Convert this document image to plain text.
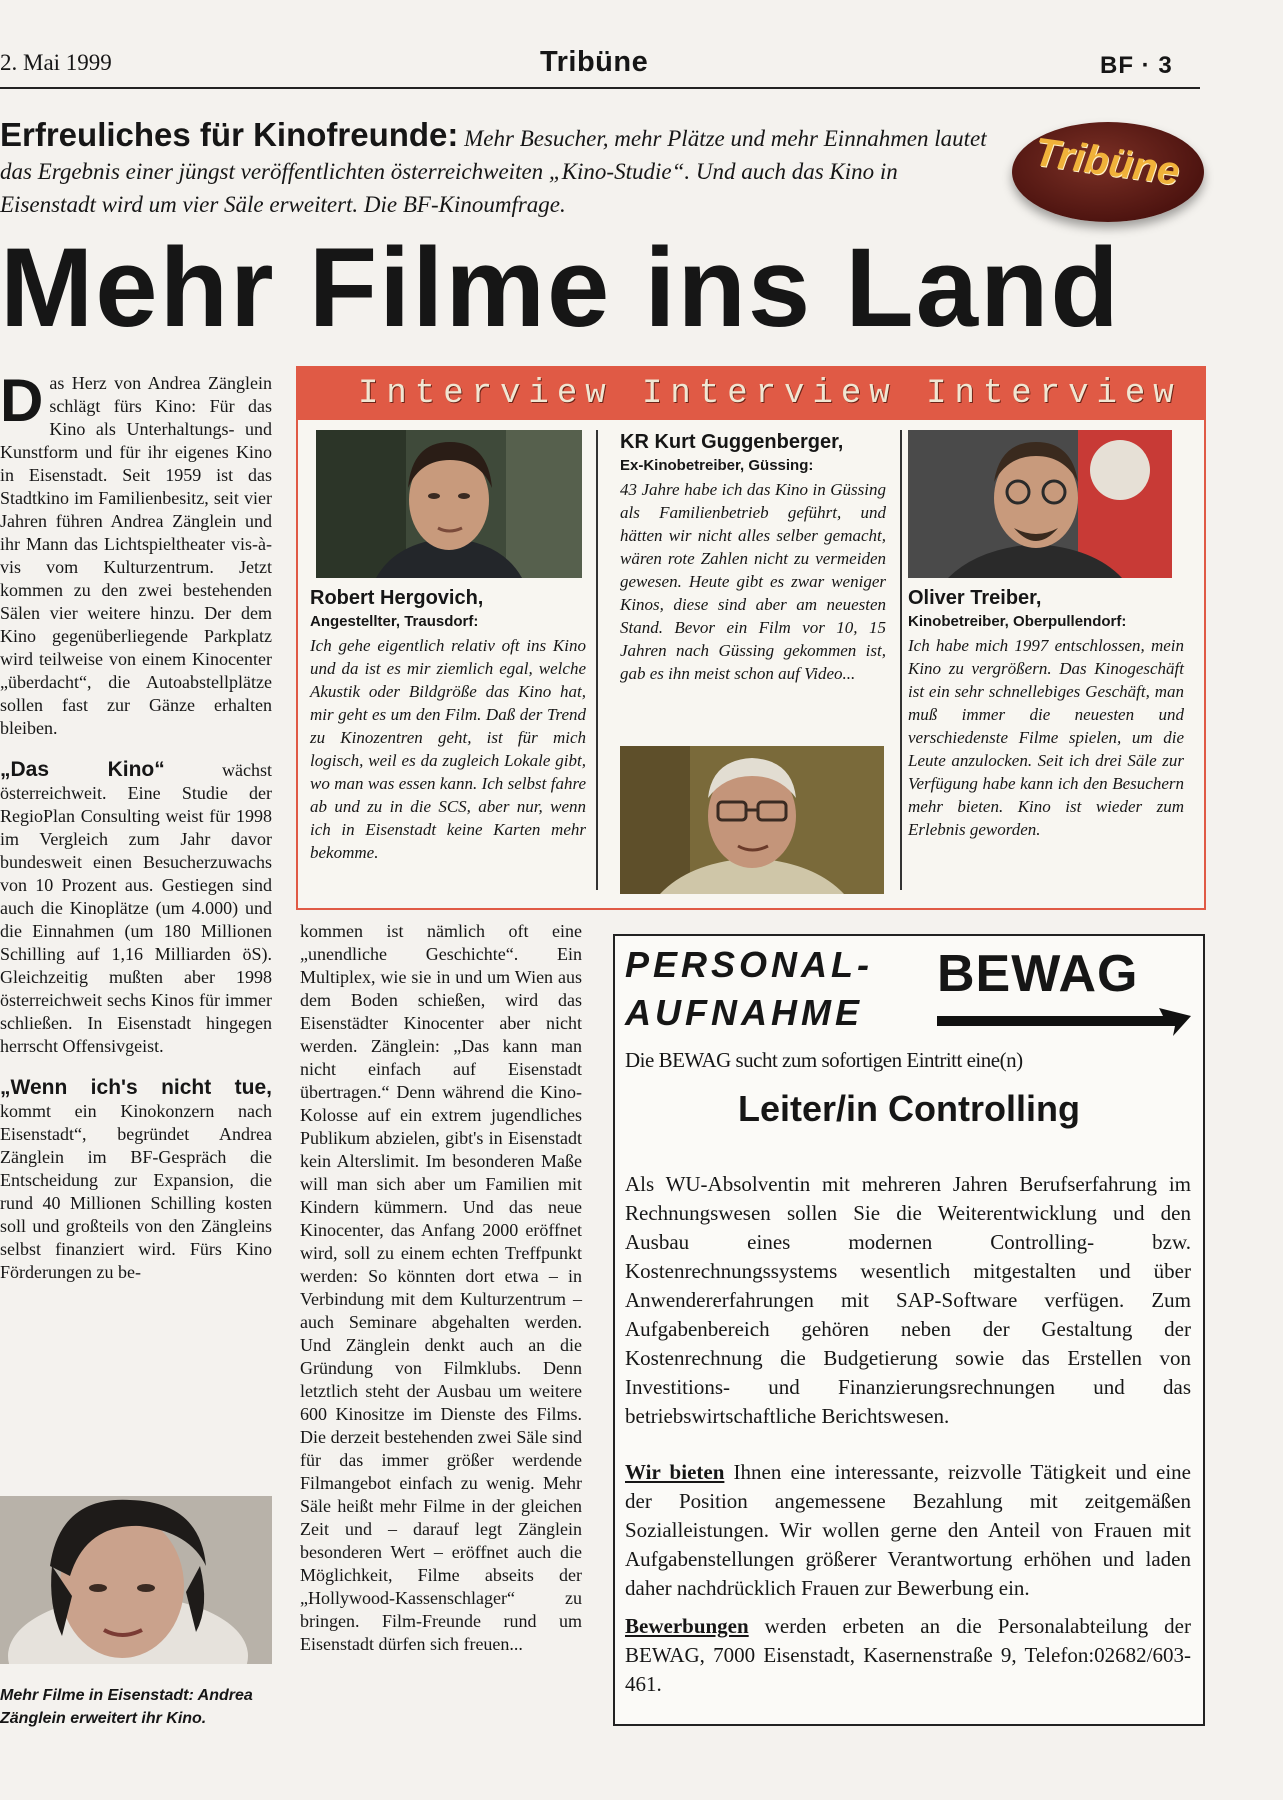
2. Mai 1999	Tribüne	BF · 3
Erfreuliches für Kinofreunde: Mehr Besucher, mehr Plätze und mehr Einnahmen lautet das Ergebnis einer jüngst veröffentlichten österreichweiten „Kino-Studie“. Und auch das Kino in Eisenstadt wird um vier Säle erweitert. Die BF-Kinoumfrage.
Tribüne
Mehr Filme ins Land

Das Herz von Andrea Zänglein schlägt fürs Kino: Für das Kino als Unterhaltungs- und Kunstform und für ihr eigenes Kino in Eisenstadt. Seit 1959 ist das Stadtkino im Familienbesitz, seit vier Jahren führen Andrea Zänglein und ihr Mann das Lichtspieltheater vis-à-vis vom Kulturzentrum. Jetzt kommen zu den zwei bestehenden Sälen vier weitere hinzu. Der dem Kino gegenüberliegende Parkplatz wird teilweise von einem Kinocenter „überdacht“, die Autoabstellplätze sollen fast zur Gänze erhalten bleiben.

„Das Kino“ wächst österreichweit. Eine Studie der RegioPlan Consulting weist für 1998 im Vergleich zum Jahr davor bundesweit einen Besucherzuwachs von 10 Prozent aus. Gestiegen sind auch die Kinoplätze (um 4.000) und die Einnahmen (um 180 Millionen Schilling auf 1,16 Milliarden öS). Gleichzeitig mußten aber 1998 österreichweit sechs Kinos für immer schließen. In Eisenstadt hingegen herrscht Offensivgeist.

„Wenn ich's nicht tue, kommt ein Kinokonzern nach Eisenstadt“, begründet Andrea Zänglein im BF-Gespräch die Entscheidung zur Expansion, die rund 40 Millionen Schilling kosten soll und großteils von den Zängleins selbst finanziert wird. Fürs Kino Förderungen zu be-

Mehr Filme in Eisenstadt: Andrea Zänglein erweitert ihr Kino.
Interview Interview Interview
Robert Hergovich,
Angestellter, Trausdorf:
Ich gehe eigentlich relativ oft ins Kino und da ist es mir ziemlich egal, welche Akustik oder Bildgröße das Kino hat, mir geht es um den Film. Daß der Trend zu Kinozentren geht, ist für mich logisch, weil es da zugleich Lokale gibt, wo man was essen kann. Ich selbst fahre ab und zu in die SCS, aber nur, wenn ich in Eisenstadt keine Karten mehr bekomme.
KR Kurt Guggenberger,
Ex-Kinobetreiber, Güssing:
43 Jahre habe ich das Kino in Güssing als Familienbetrieb geführt, und hätten wir nicht alles selber gemacht, wären rote Zahlen nicht zu vermeiden gewesen. Heute gibt es zwar weniger Kinos, diese sind aber am neuesten Stand. Bevor ein Film vor 10, 15 Jahren nach Güssing gekommen ist, gab es ihn meist schon auf Video...
Oliver Treiber,
Kinobetreiber, Oberpullendorf:
Ich habe mich 1997 entschlossen, mein Kino zu vergrößern. Das Kinogeschäft ist ein sehr schnellebiges Geschäft, man muß immer die neuesten und verschiedenste Filme spielen, um die Leute anzulocken. Seit ich drei Säle zur Verfügung habe kann ich den Besuchern mehr bieten. Kino ist wieder zum Erlebnis geworden.
kommen ist nämlich oft eine „unendliche Geschichte“. Ein Multiplex, wie sie in und um Wien aus dem Boden schießen, wird das Eisenstädter Kinocenter aber nicht werden. Zänglein: „Das kann man nicht einfach auf Eisenstadt übertragen.“ Denn während die Kino-Kolosse auf ein extrem jugendliches Publikum abzielen, gibt's in Eisenstadt kein Alterslimit. Im besonderen Maße will man sich aber um Familien mit Kindern kümmern. Und das neue Kinocenter, das Anfang 2000 eröffnet wird, soll zu einem echten Treffpunkt werden: So könnten dort etwa – in Verbindung mit dem Kulturzentrum – auch Seminare abgehalten werden. Und Zänglein denkt auch an die Gründung von Filmklubs. Denn letztlich steht der Ausbau um weitere 600 Kinositze im Dienste des Films. Die derzeit bestehenden zwei Säle sind für das immer größer werdende Filmangebot einfach zu wenig. Mehr Säle heißt mehr Filme in der gleichen Zeit und – darauf legt Zänglein besonderen Wert – eröffnet auch die Möglichkeit, Filme abseits der „Hollywood-Kassenschlager“ zu bringen. Film-Freunde rund um Eisenstadt dürfen sich freuen...
PERSONAL-
AUFNAHME
BEWAG
Die BEWAG sucht zum sofortigen Eintritt eine(n)
Leiter/in Controlling
Als WU-Absolventin mit mehreren Jahren Berufserfahrung im Rechnungswesen sollen Sie die Weiterentwicklung und den Ausbau eines modernen Controlling- bzw. Kostenrechnungssystems wesentlich mitgestalten und über Anwendererfahrungen mit SAP-Software verfügen. Zum Aufgabenbereich gehören neben der Gestaltung der Kostenrechnung die Budgetierung sowie das Erstellen von Investitions- und Finanzierungsrechnungen und das betriebswirtschaftliche Berichtswesen.
Wir bieten Ihnen eine interessante, reizvolle Tätigkeit und eine der Position angemessene Bezahlung mit zeitgemäßen Sozialleistungen. Wir wollen gerne den Anteil von Frauen mit Aufgabenstellungen größerer Verantwortung erhöhen und laden daher nachdrücklich Frauen zur Bewerbung ein.
Bewerbungen werden erbeten an die Personalabteilung der BEWAG, 7000 Eisenstadt, Kasernenstraße 9, Telefon:02682/603-461.
